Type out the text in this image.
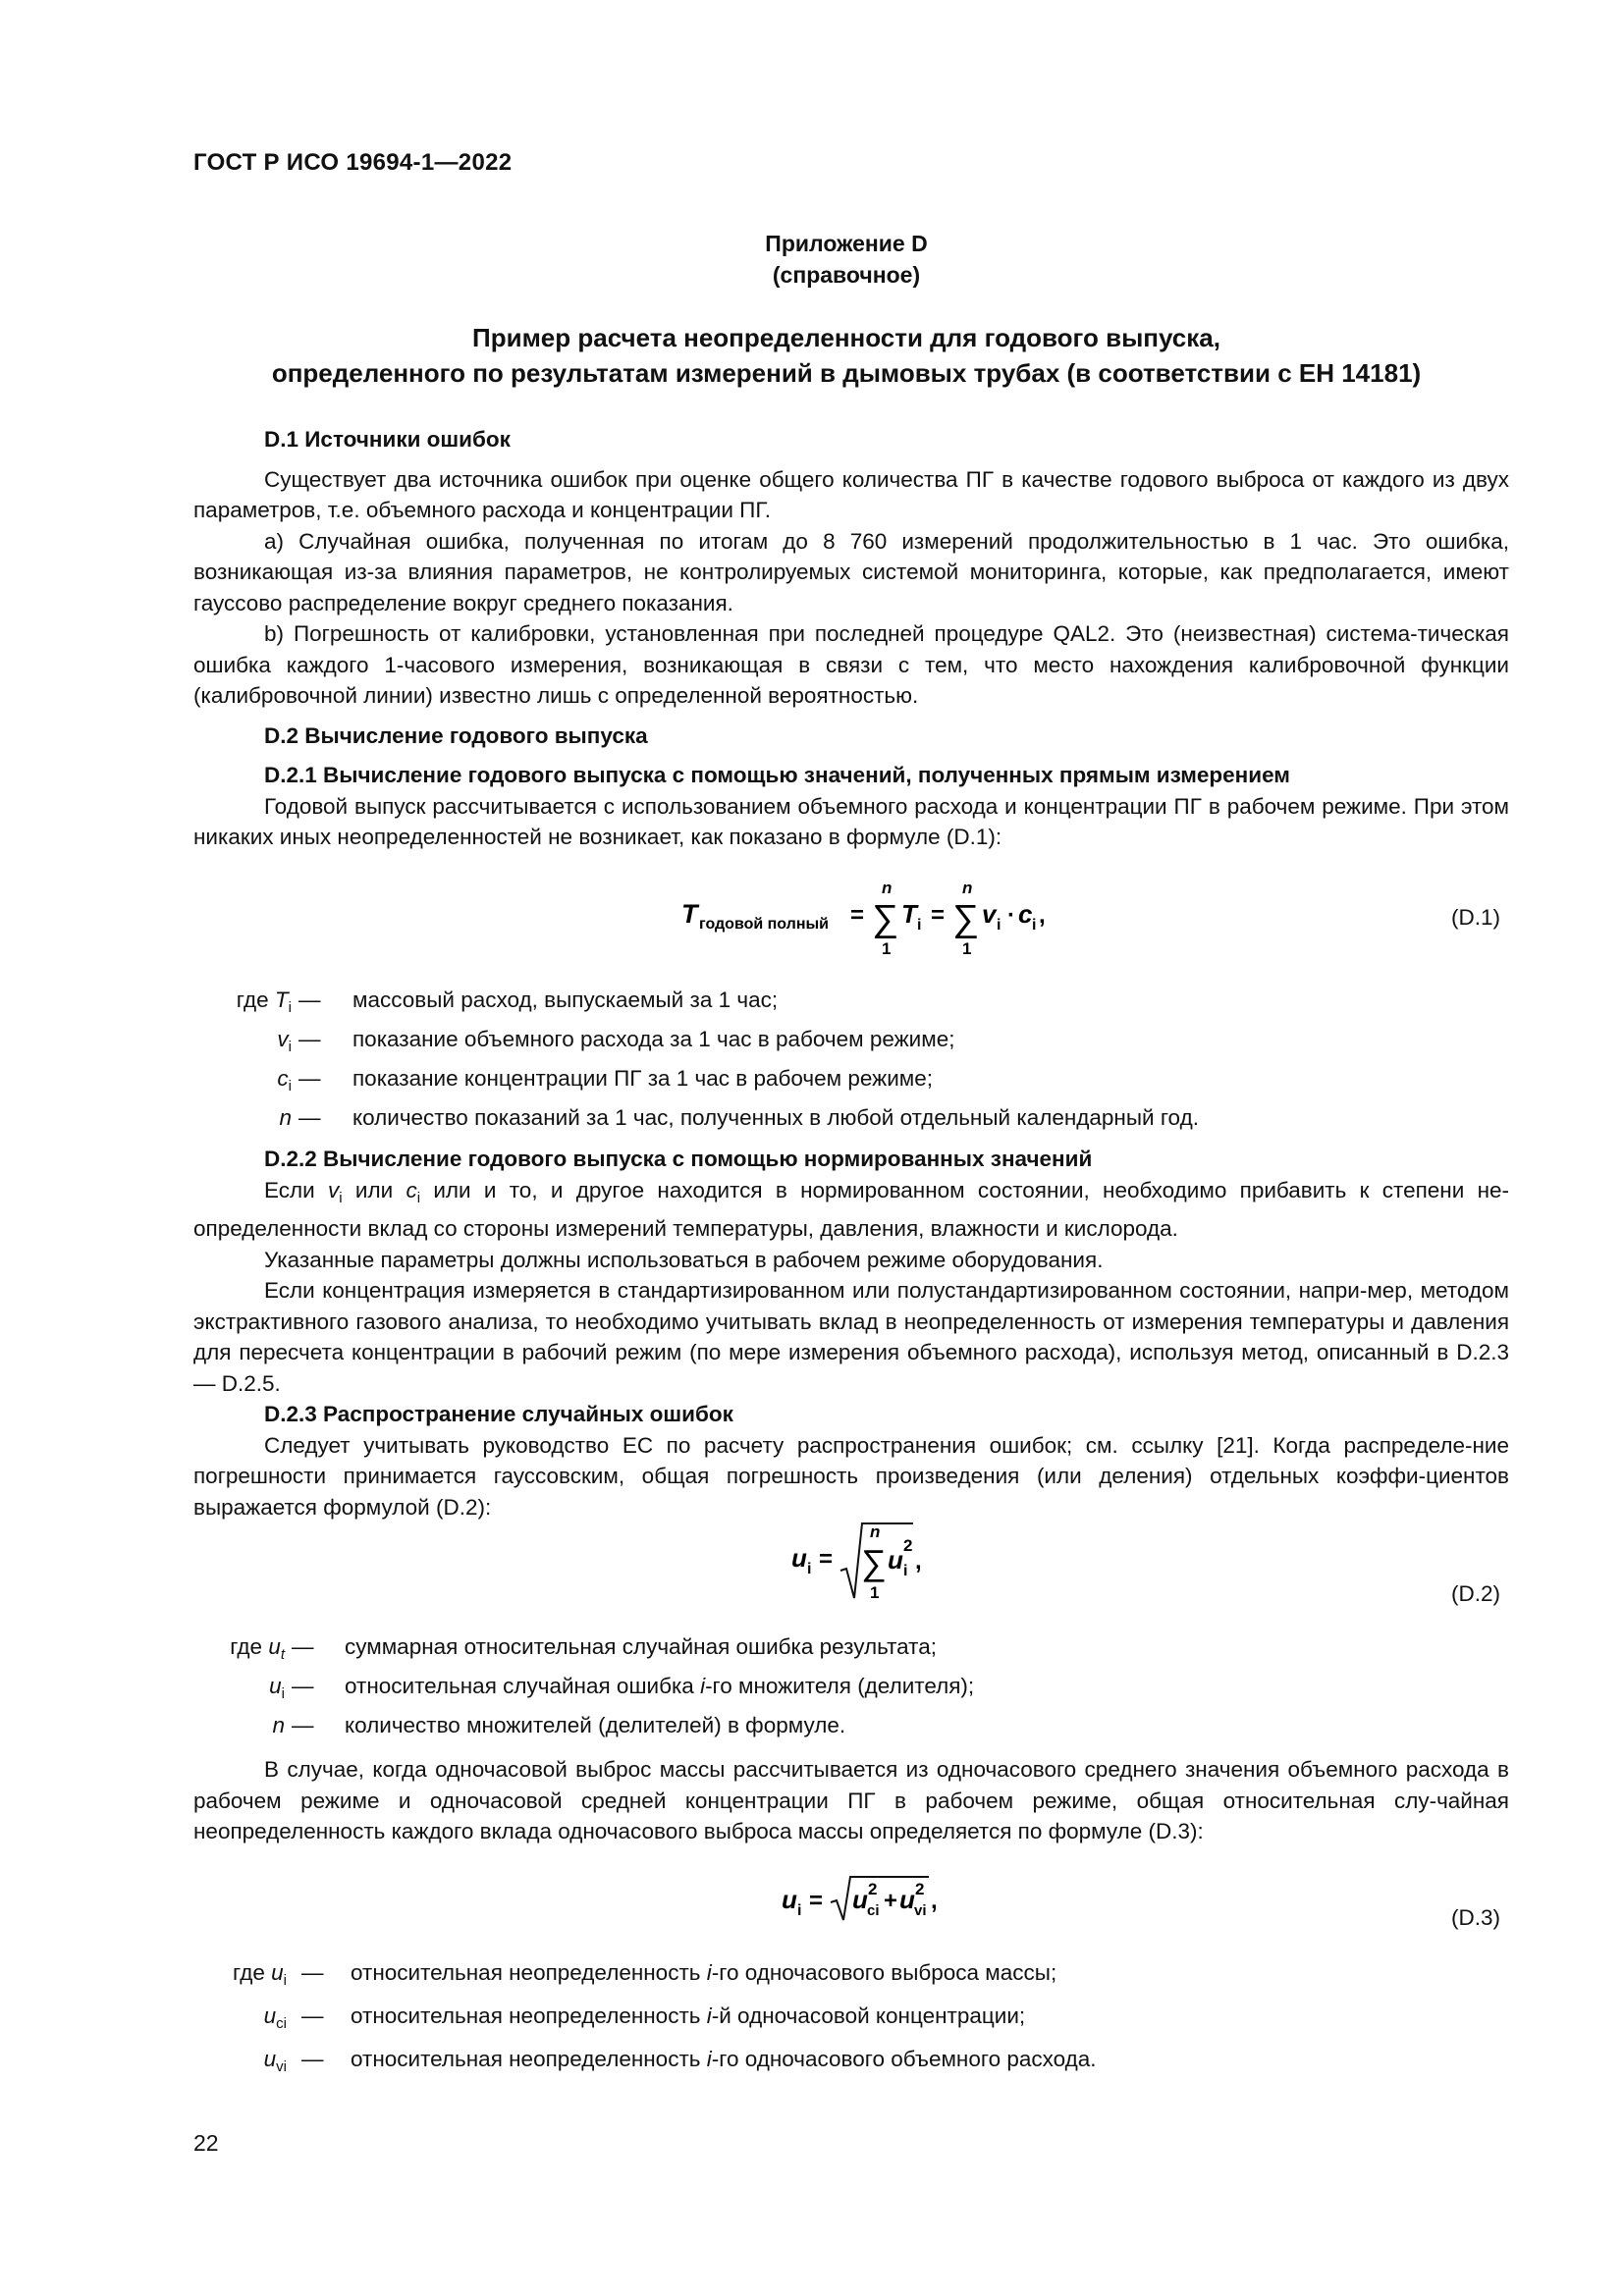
ГОСТ Р ИСО 19694-1—2022
Приложение D
(справочное)
Пример расчета неопределенности для годового выпуска,
определенного по результатам измерений в дымовых трубах (в соответствии с ЕН 14181)

D.1 Источники ошибок

Существует два источника ошибок при оценке общего количества ПГ в качестве годового выброса от каждого из двух параметров, т.е. объемного расхода и концентрации ПГ.

a) Случайная ошибка, полученная по итогам до 8 760 измерений продолжительностью в 1 час. Это ошибка, возникающая из-за влияния параметров, не контролируемых системой мониторинга, которые, как предполагается, имеют гауссово распределение вокруг среднего показания.

b) Погрешность от калибровки, установленная при последней процедуре QAL2. Это (неизвестная) система-тическая ошибка каждого 1-часового измерения, возникающая в связи с тем, что место нахождения калибровочной функции (калибровочной линии) известно лишь с определенной вероятностью.

D.2 Вычисление годового выпуска

D.2.1 Вычисление годового выпуска с помощью значений, полученных прямым измерением

Годовой выпуск рассчитывается с использованием объемного расхода и концентрации ПГ в рабочем режиме. При этом никаких иных неопределенностей не возникает, как показано в формуле (D.1):

T годовой полный =
n
∑
1
T i =
n
∑
1
v i · c i ,	(D.1)
где $T_i$ — массовый расход, выпускаемый за 1 час;
$v_i$ — показание объемного расхода за 1 час в рабочем режиме;
$c_i$ — показание концентрации ПГ за 1 час в рабочем режиме;
n — количество показаний за 1 час, полученных в любой отдельный календарный год.

D.2.2 Вычисление годового выпуска с помощью нормированных значений

Если $v_i$ или $c_i$ или и то, и другое находится в нормированном состоянии, необходимо прибавить к степени не-определенности вклад со стороны измерений температуры, давления, влажности и кислорода.

Указанные параметры должны использоваться в рабочем режиме оборудования.

Если концентрация измеряется в стандартизированном или полустандартизированном состоянии, напри-мер, методом экстрактивного газового анализа, то необходимо учитывать вклад в неопределенность от измерения температуры и давления для пересчета концентрации в рабочий режим (по мере измерения объемного расхода), используя метод, описанный в D.2.3 — D.2.5.

D.2.3 Распространение случайных ошибок

Следует учитывать руководство ЕС по расчету распространения ошибок; см. ссылку [21]. Когда распределе-ние погрешности принимается гауссовским, общая погрешность произведения (или деления) отдельных коэффи-циентов выражается формулой (D.2):

u i =
n
∑
1
u i
2
,
(D.2)
где $u_t$ — суммарная относительная случайная ошибка результата;
$u_i$ — относительная случайная ошибка i-го множителя (делителя);
n — количество множителей (делителей) в формуле.

В случае, когда одночасовой выброс массы рассчитывается из одночасового среднего значения объемного расхода в рабочем режиме и одночасовой средней концентрации ПГ в рабочем режиме, общая относительная слу-чайная неопределенность каждого вклада одночасового выброса массы определяется по формуле (D.3):

u i = u ci
2 + u vi
2 ,
(D.3)
где $u_i$ — относительная неопределенность i-го одночасового выброса массы;
$u_{ci}$ — относительная неопределенность i-й одночасовой концентрации;
$u_{vi}$ — относительная неопределенность i-го одночасового объемного расхода.
22
